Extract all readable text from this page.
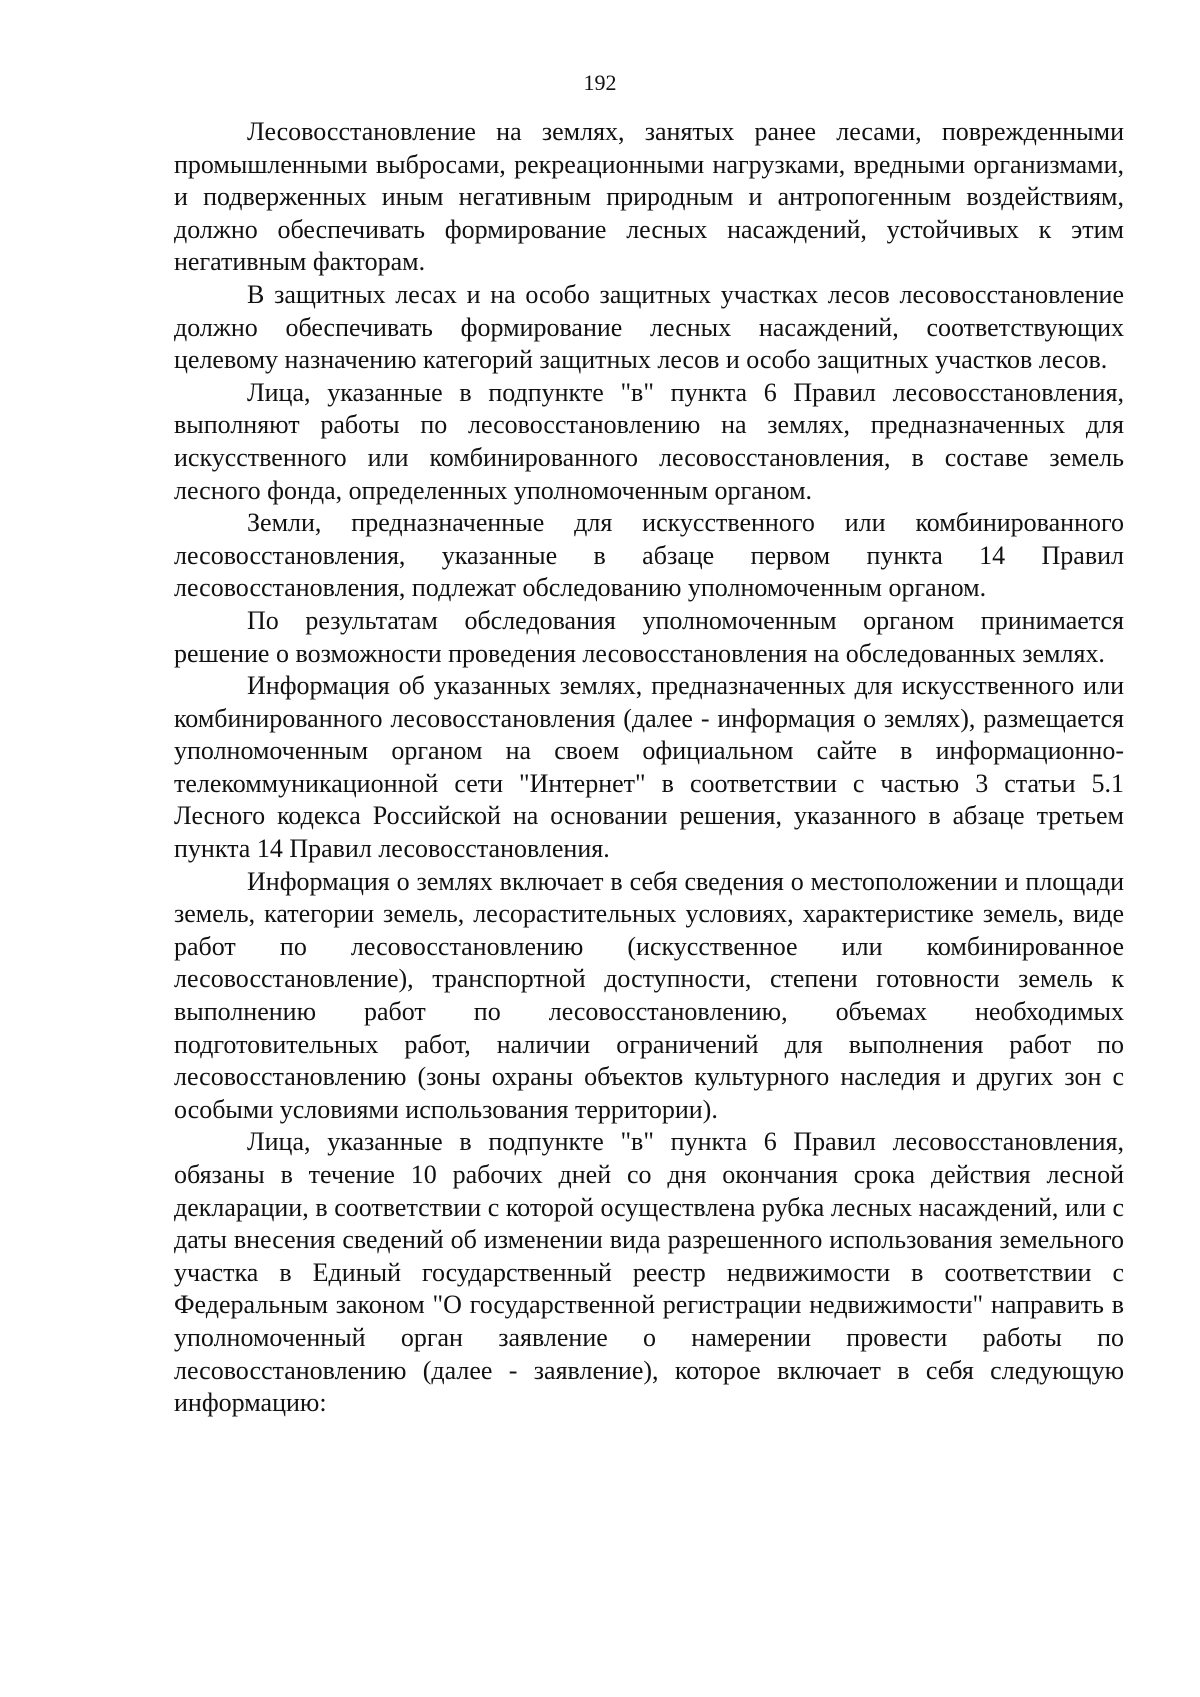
192

Лесовосстановление на землях, занятых ранее лесами, поврежденными промышленными выбросами, рекреационными нагрузками, вредными организмами, и подверженных иным негативным природным и антропогенным воздействиям, должно обеспечивать формирование лесных насаждений, устойчивых к этим негативным факторам.

В защитных лесах и на особо защитных участках лесов лесовосстановление должно обеспечивать формирование лесных насаждений, соответствующих целевому назначению категорий защитных лесов и особо защитных участков лесов.

Лица, указанные в подпункте "в" пункта 6 Правил лесовосстановления, выполняют работы по лесовосстановлению на землях, предназначенных для искусственного или комбинированного лесовосстановления, в составе земель лесного фонда, определенных уполномоченным органом.

Земли, предназначенные для искусственного или комбинированного лесовосстановления, указанные в абзаце первом пункта 14 Правил лесовосстановления, подлежат обследованию уполномоченным органом.

По результатам обследования уполномоченным органом принимается решение о возможности проведения лесовосстановления на обследованных землях.

Информация об указанных землях, предназначенных для искусственного или комбинированного лесовосстановления (далее - информация о землях), размещается уполномоченным органом на своем официальном сайте в информационно-телекоммуникационной сети "Интернет" в соответствии с частью 3 статьи 5.1 Лесного кодекса Российской на основании решения, указанного в абзаце третьем пункта 14 Правил лесовосстановления.

Информация о землях включает в себя сведения о местоположении и площади земель, категории земель, лесорастительных условиях, характеристике земель, виде работ по лесовосстановлению (искусственное или комбинированное лесовосстановление), транспортной доступности, степени готовности земель к выполнению работ по лесовосстановлению, объемах необходимых подготовительных работ, наличии ограничений для выполнения работ по лесовосстановлению (зоны охраны объектов культурного наследия и других зон с особыми условиями использования территории).

Лица, указанные в подпункте "в" пункта 6 Правил лесовосстановления, обязаны в течение 10 рабочих дней со дня окончания срока действия лесной декларации, в соответствии с которой осуществлена рубка лесных насаждений, или с даты внесения сведений об изменении вида разрешенного использования земельного участка в Единый государственный реестр недвижимости в соответствии с Федеральным законом "О государственной регистрации недвижимости" направить в уполномоченный орган заявление о намерении провести работы по лесовосстановлению (далее - заявление), которое включает в себя следующую информацию:
